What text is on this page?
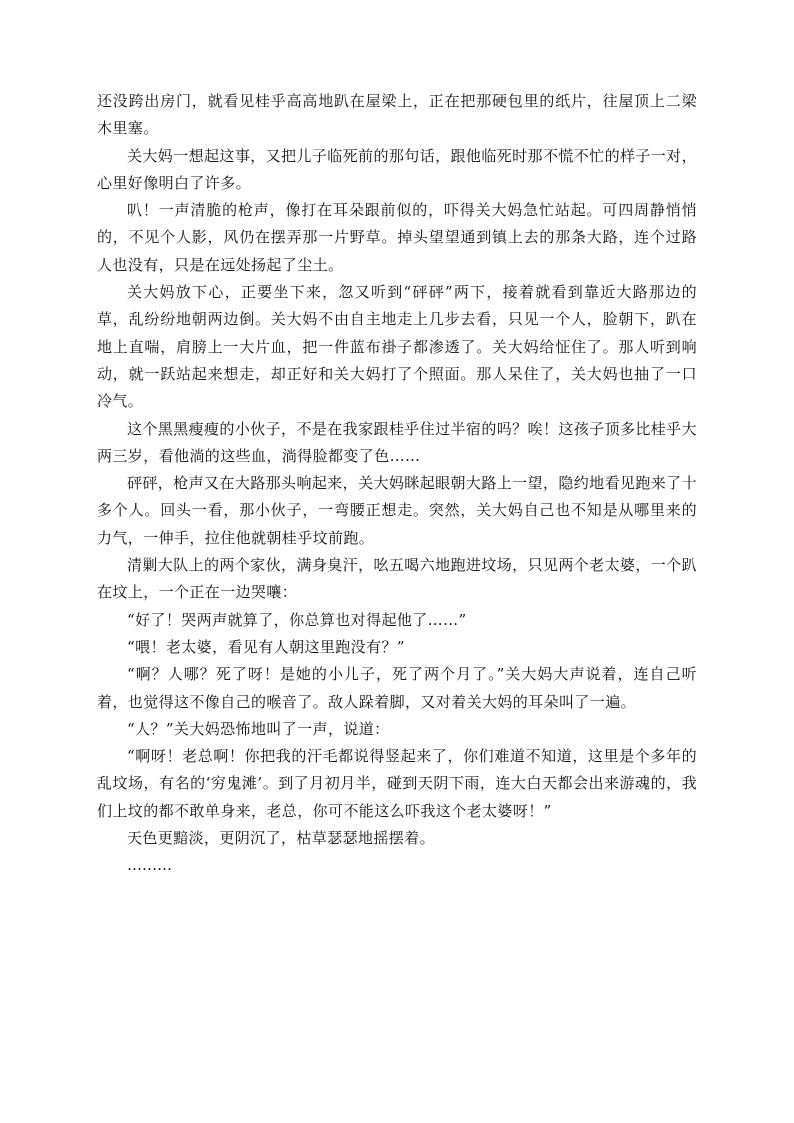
还没跨出房门，就看见桂乎高高地趴在屋梁上，正在把那硬包里的纸片，往屋顶上二梁木里塞。

关大妈一想起这事，又把儿子临死前的那句话，跟他临死时那不慌不忙的样子一对，心里好像明白了许多。

叭！一声清脆的枪声，像打在耳朵跟前似的，吓得关大妈急忙站起。可四周静悄悄的，不见个人影，风仍在摆弄那一片野草。掉头望望通到镇上去的那条大路，连个过路人也没有，只是在远处扬起了尘土。

关大妈放下心，正要坐下来，忽又听到“砰砰”两下，接着就看到靠近大路那边的草，乱纷纷地朝两边倒。关大妈不由自主地走上几步去看，只见一个人，脸朝下，趴在地上直喘，肩膀上一大片血，把一件蓝布褂子都渗透了。关大妈给怔住了。那人听到响动，就一跃站起来想走，却正好和关大妈打了个照面。那人呆住了，关大妈也抽了一口冷气。

这个黑黑瘦瘦的小伙子，不是在我家跟桂乎住过半宿的吗？唉！这孩子顶多比桂乎大两三岁，看他淌的这些血，淌得脸都变了色……

砰砰，枪声又在大路那头响起来，关大妈眯起眼朝大路上一望，隐约地看见跑来了十多个人。回头一看，那小伙子，一弯腰正想走。突然，关大妈自己也不知是从哪里来的力气，一伸手，拉住他就朝桂乎坟前跑。

清剿大队上的两个家伙，满身臭汗，吆五喝六地跑进坟场，只见两个老太婆，一个趴在坟上，一个正在一边哭嚷：

“好了！哭两声就算了，你总算也对得起他了……”

“喂！老太婆，看见有人朝这里跑没有？”

“啊？人哪？死了呀！是她的小儿子，死了两个月了。”关大妈大声说着，连自己听着，也觉得这不像自己的喉音了。敌人跺着脚，又对着关大妈的耳朵叫了一遍。

“人？”关大妈恐怖地叫了一声，说道：

“啊呀！老总啊！你把我的汗毛都说得竖起来了，你们难道不知道，这里是个多年的乱坟场，有名的‘穷鬼滩’。到了月初月半，碰到天阴下雨，连大白天都会出来游魂的，我们上坟的都不敢单身来，老总，你可不能这么吓我这个老太婆呀！”

天色更黯淡，更阴沉了，枯草瑟瑟地摇摆着。

………
